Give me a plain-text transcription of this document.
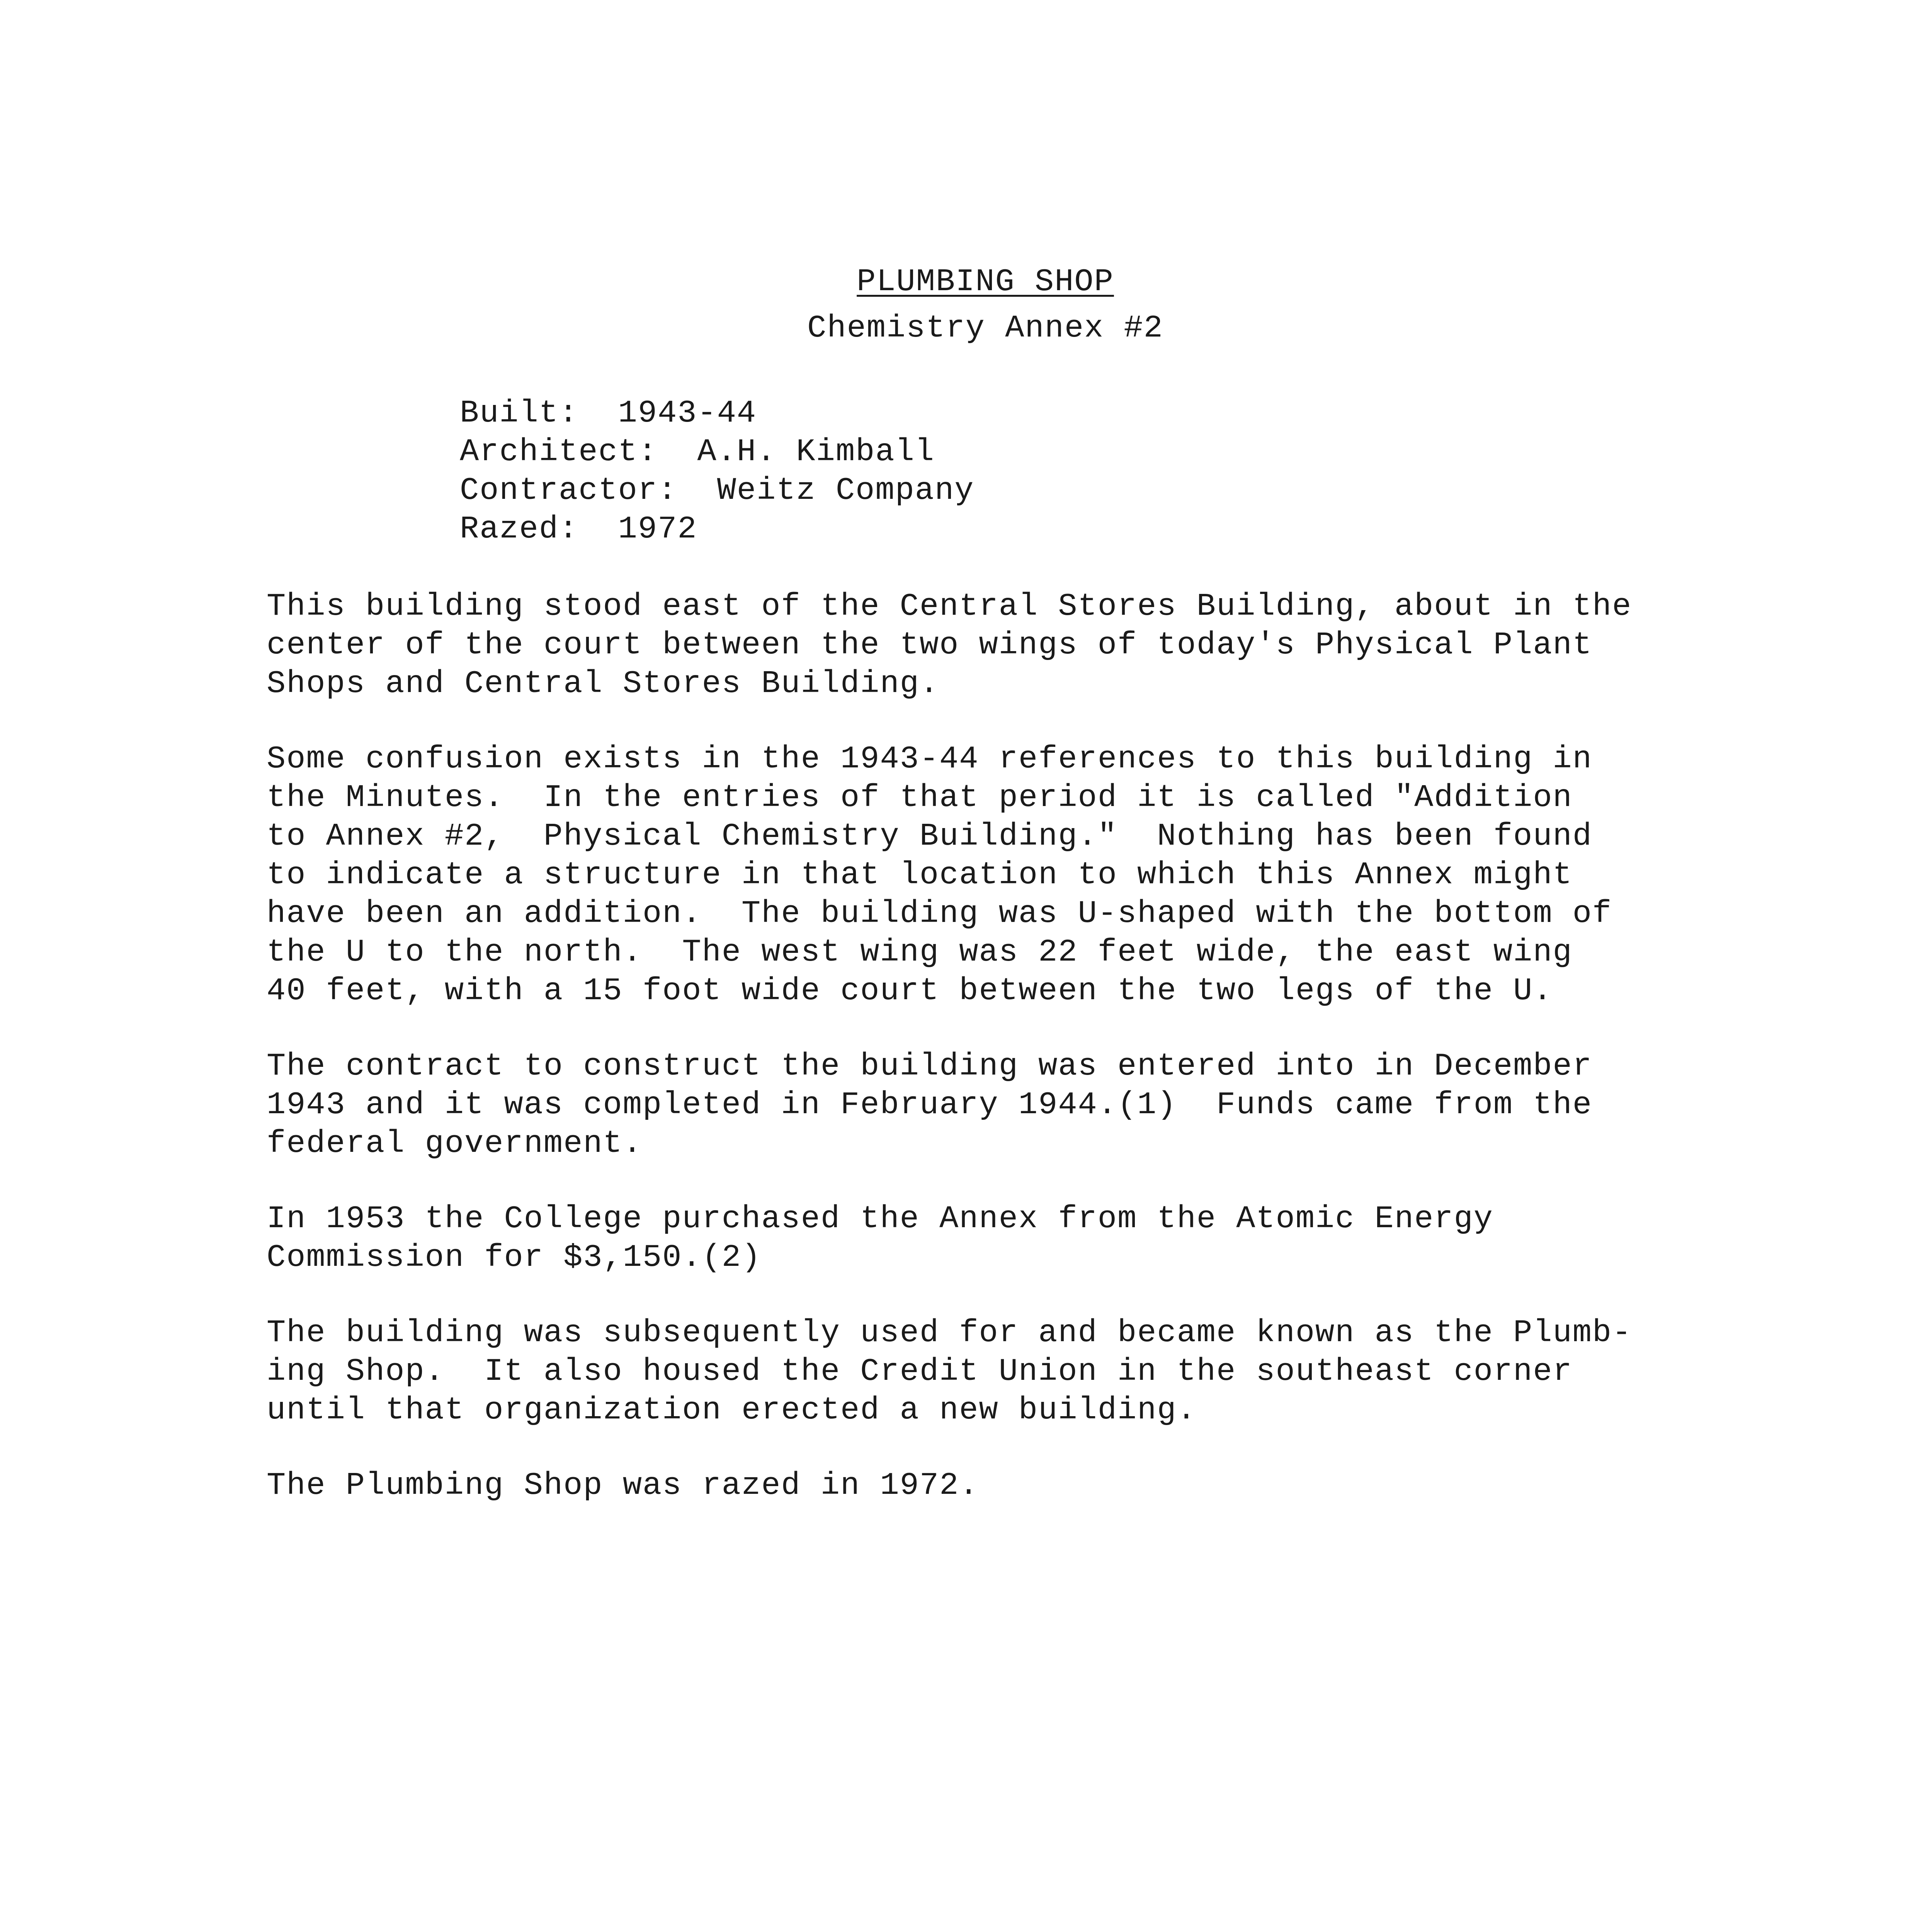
PLUMBING SHOP
Chemistry Annex #2
Built: 1943-44
Architect: A.H. Kimball
Contractor: Weitz Company
Razed: 1972
This building stood east of the Central Stores Building, about in the
center of the court between the two wings of today's Physical Plant
Shops and Central Stores Building.
Some confusion exists in the 1943-44 references to this building in
the Minutes.  In the entries of that period it is called "Addition
to Annex #2,  Physical Chemistry Building."  Nothing has been found
to indicate a structure in that location to which this Annex might
have been an addition.  The building was U-shaped with the bottom of
the U to the north.  The west wing was 22 feet wide, the east wing
40 feet, with a 15 foot wide court between the two legs of the U.
The contract to construct the building was entered into in December
1943 and it was completed in February 1944.(1)  Funds came from the
federal government.
In 1953 the College purchased the Annex from the Atomic Energy
Commission for $3,150.(2)
The building was subsequently used for and became known as the Plumb-
ing Shop.  It also housed the Credit Union in the southeast corner
until that organization erected a new building.
The Plumbing Shop was razed in 1972.
